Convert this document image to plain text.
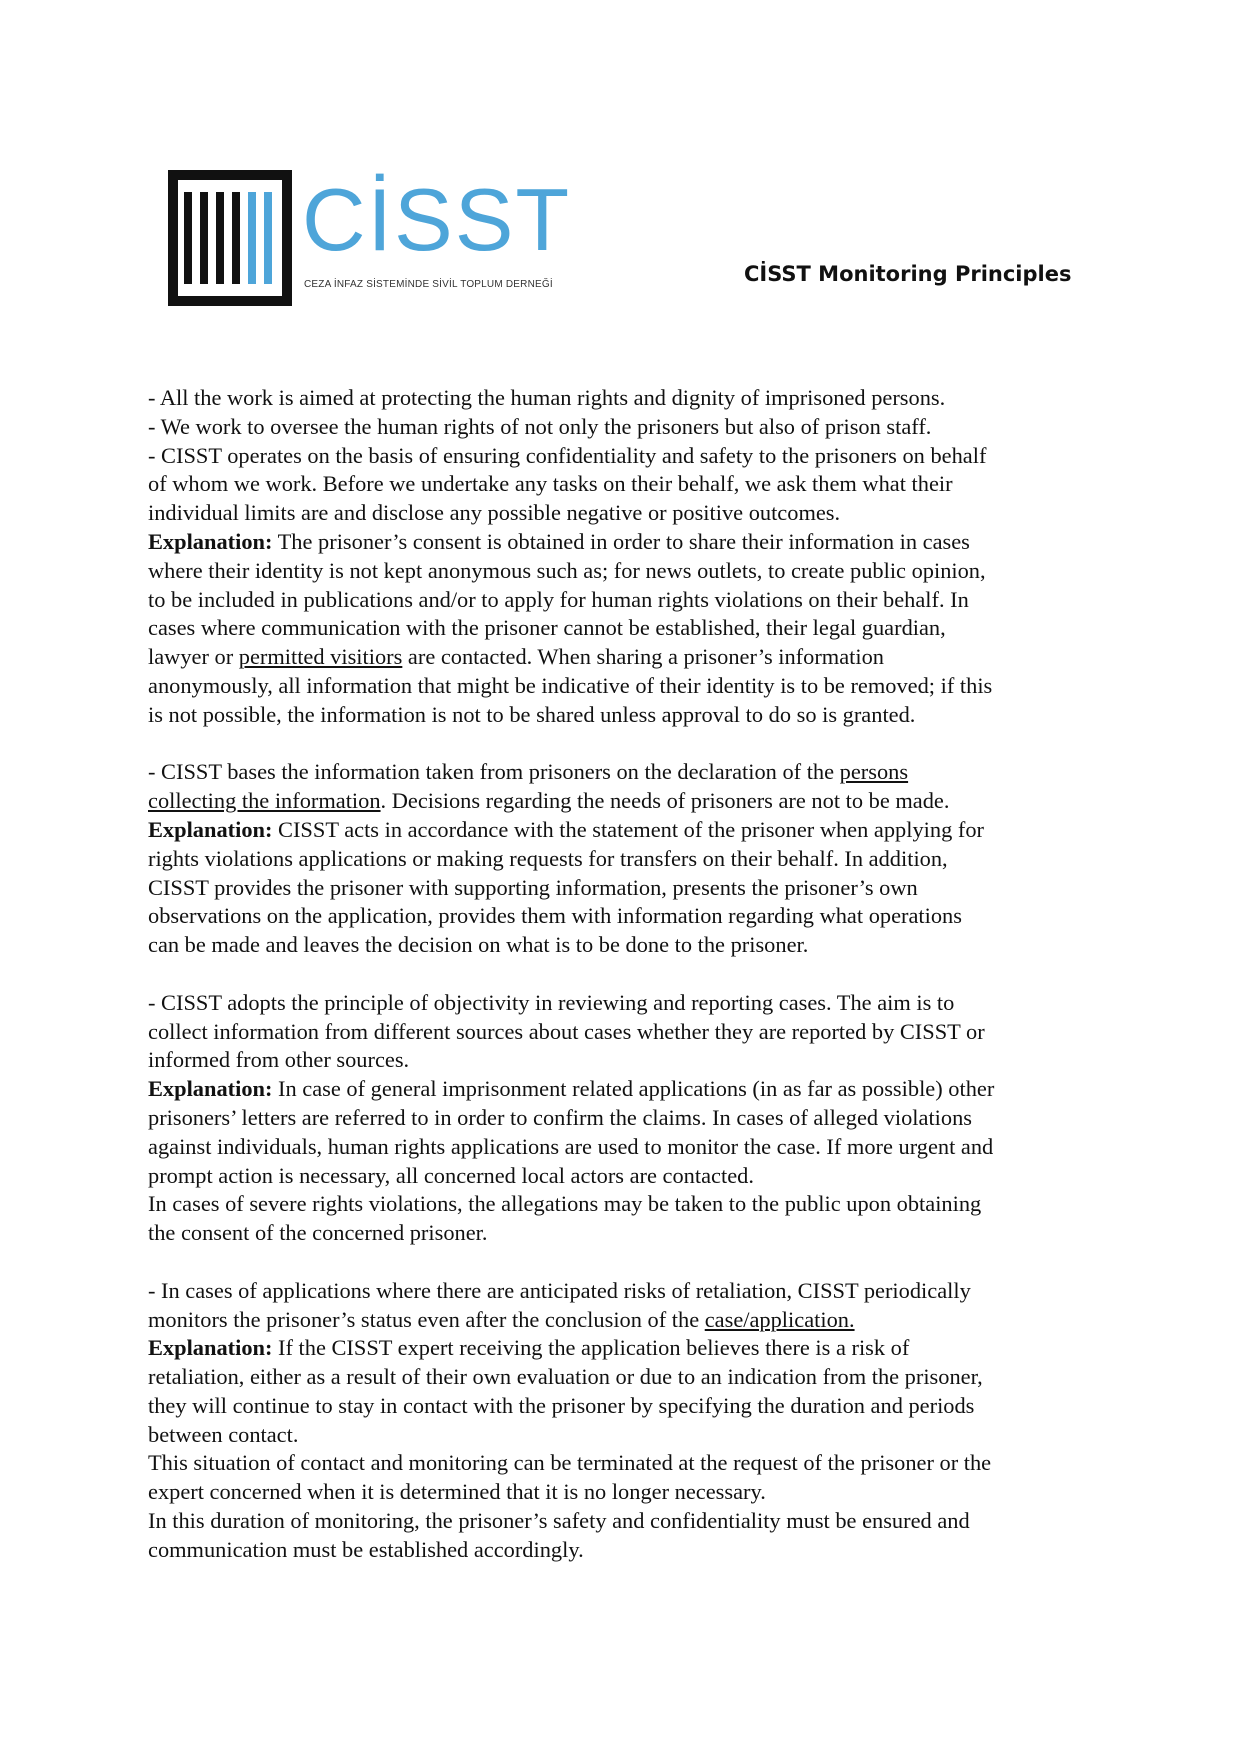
CİSST
CEZA İNFAZ SİSTEMİNDE SİVİL TOPLUM DERNEĞİ	CİSST Monitoring Principles
- All the work is aimed at protecting the human rights and dignity of imprisoned persons.
- We work to oversee the human rights of not only the prisoners but also of prison staff.
- CISST operates on the basis of ensuring confidentiality and safety to the prisoners on behalf
of whom we work. Before we undertake any tasks on their behalf, we ask them what their
individual limits are and disclose any possible negative or positive outcomes.
Explanation: The prisoner’s consent is obtained in order to share their information in cases
where their identity is not kept anonymous such as; for news outlets, to create public opinion,
to be included in publications and/or to apply for human rights violations on their behalf. In
cases where communication with the prisoner cannot be established, their legal guardian,
lawyer or permitted visitiors are contacted. When sharing a prisoner’s information
anonymously, all information that might be indicative of their identity is to be removed; if this
is not possible, the information is not to be shared unless approval to do so is granted.
- CISST bases the information taken from prisoners on the declaration of the persons
collecting the information. Decisions regarding the needs of prisoners are not to be made.
Explanation: CISST acts in accordance with the statement of the prisoner when applying for
rights violations applications or making requests for transfers on their behalf. In addition,
CISST provides the prisoner with supporting information, presents the prisoner’s own
observations on the application, provides them with information regarding what operations
can be made and leaves the decision on what is to be done to the prisoner.
- CISST adopts the principle of objectivity in reviewing and reporting cases. The aim is to
collect information from different sources about cases whether they are reported by CISST or
informed from other sources.
Explanation: In case of general imprisonment related applications (in as far as possible) other
prisoners’ letters are referred to in order to confirm the claims. In cases of alleged violations
against individuals, human rights applications are used to monitor the case. If more urgent and
prompt action is necessary, all concerned local actors are contacted.
In cases of severe rights violations, the allegations may be taken to the public upon obtaining
the consent of the concerned prisoner.
- In cases of applications where there are anticipated risks of retaliation, CISST periodically
monitors the prisoner’s status even after the conclusion of the case/application.
Explanation: If the CISST expert receiving the application believes there is a risk of
retaliation, either as a result of their own evaluation or due to an indication from the prisoner,
they will continue to stay in contact with the prisoner by specifying the duration and periods
between contact.
This situation of contact and monitoring can be terminated at the request of the prisoner or the
expert concerned when it is determined that it is no longer necessary.
In this duration of monitoring, the prisoner’s safety and confidentiality must be ensured and
communication must be established accordingly.
